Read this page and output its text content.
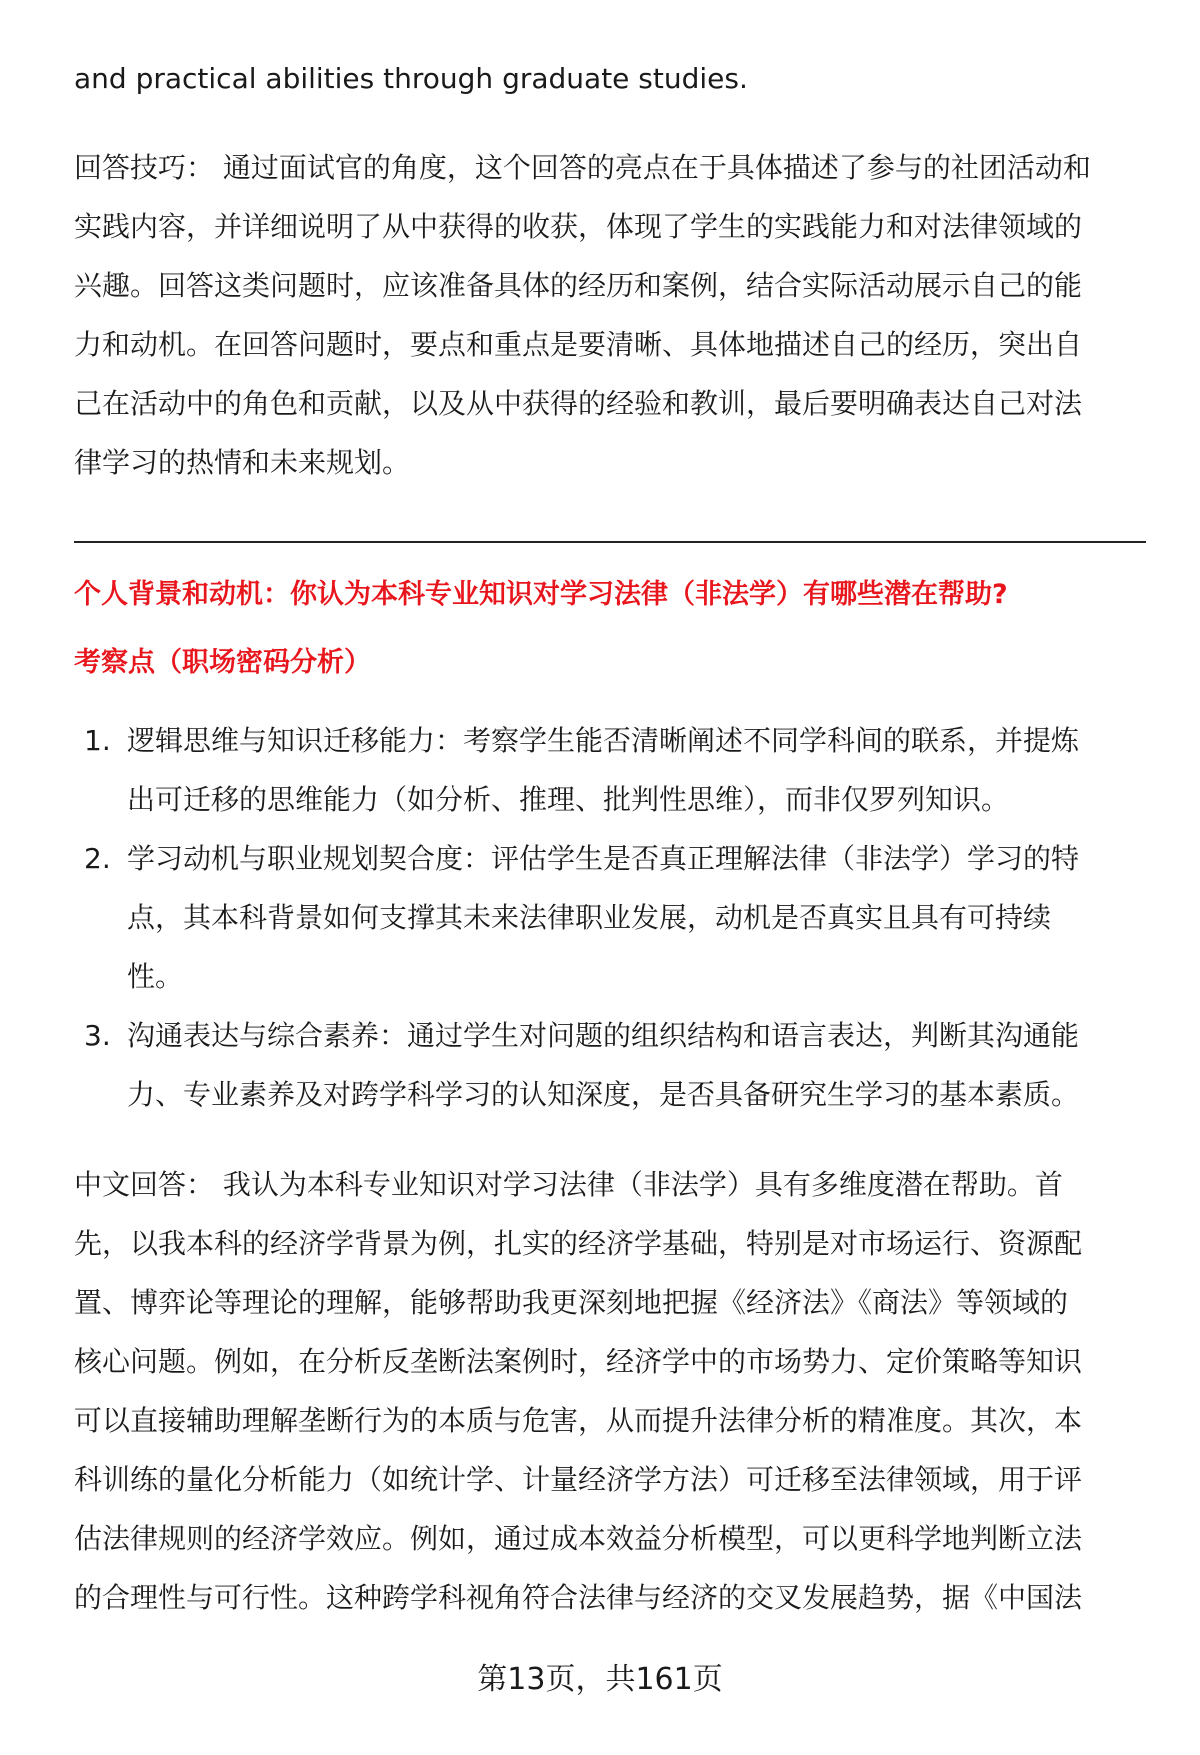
and practical abilities through graduate studies.
个人背景和动机：你认为本科专业知识对学习法律（非法学）有哪些潜在帮助?
考察点（职场密码分析）
第13页，共161页
回答技巧： 通过面试官的角度，这个回答的亮点在于具体描述了参与的社团活动和
实践内容，并详细说明了从中获得的收获，体现了学生的实践能力和对法律领域的
兴趣。回答这类问题时，应该准备具体的经历和案例，结合实际活动展示自己的能
力和动机。在回答问题时，要点和重点是要清晰、具体地描述自己的经历，突出自
己在活动中的角色和贡献，以及从中获得的经验和教训，最后要明确表达自己对法
律学习的热情和未来规划。
1. 逻辑思维与知识迁移能力：考察学生能否清晰阐述不同学科间的联系，并提炼
出可迁移的思维能力（如分析、推理、批判性思维），而非仅罗列知识。
2. 学习动机与职业规划契合度：评估学生是否真正理解法律（非法学）学习的特
点，其本科背景如何支撑其未来法律职业发展，动机是否真实且具有可持续
性。
3. 沟通表达与综合素养：通过学生对问题的组织结构和语言表达，判断其沟通能
力、专业素养及对跨学科学习的认知深度，是否具备研究生学习的基本素质。
中文回答： 我认为本科专业知识对学习法律（非法学）具有多维度潜在帮助。首
先，以我本科的经济学背景为例，扎实的经济学基础，特别是对市场运行、资源配
置、博弈论等理论的理解，能够帮助我更深刻地把握《经济法》《商法》等领域的
核心问题。例如，在分析反垄断法案例时，经济学中的市场势力、定价策略等知识
可以直接辅助理解垄断行为的本质与危害，从而提升法律分析的精准度。其次，本
科训练的量化分析能力（如统计学、计量经济学方法）可迁移至法律领域，用于评
估法律规则的经济学效应。例如，通过成本效益分析模型，可以更科学地判断立法
的合理性与可行性。这种跨学科视角符合法律与经济的交叉发展趋势，据《中国法
